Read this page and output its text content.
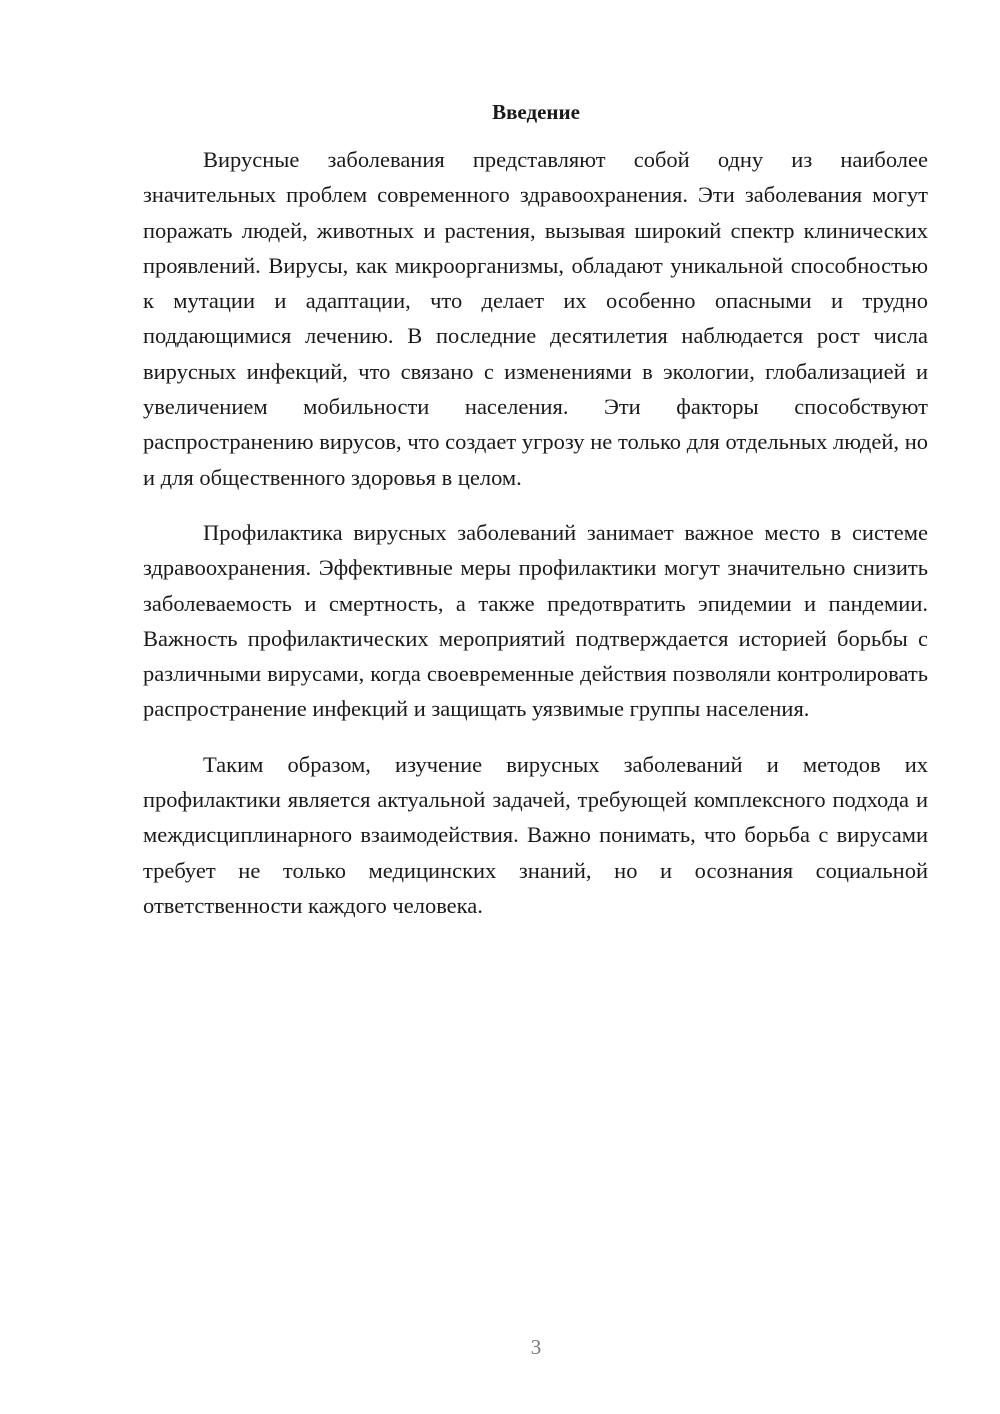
Введение

Вирусные заболевания представляют собой одну из наиболее значительных проблем современного здравоохранения. Эти заболевания могут поражать людей, животных и растения, вызывая широкий спектр клинических проявлений. Вирусы, как микроорганизмы, обладают уникальной способностью к мутации и адаптации, что делает их особенно опасными и трудно поддающимися лечению. В последние десятилетия наблюдается рост числа вирусных инфекций, что связано с изменениями в экологии, глобализацией и увеличением мобильности населения. Эти факторы способствуют распространению вирусов, что создает угрозу не только для отдельных людей, но и для общественного здоровья в целом.

Профилактика вирусных заболеваний занимает важное место в системе здравоохранения. Эффективные меры профилактики могут значительно снизить заболеваемость и смертность, а также предотвратить эпидемии и пандемии. Важность профилактических мероприятий подтверждается историей борьбы с различными вирусами, когда своевременные действия позволяли контролировать распространение инфекций и защищать уязвимые группы населения.

Таким образом, изучение вирусных заболеваний и методов их профилактики является актуальной задачей, требующей комплексного подхода и междисциплинарного взаимодействия. Важно понимать, что борьба с вирусами требует не только медицинских знаний, но и осознания социальной ответственности каждого человека.

3
